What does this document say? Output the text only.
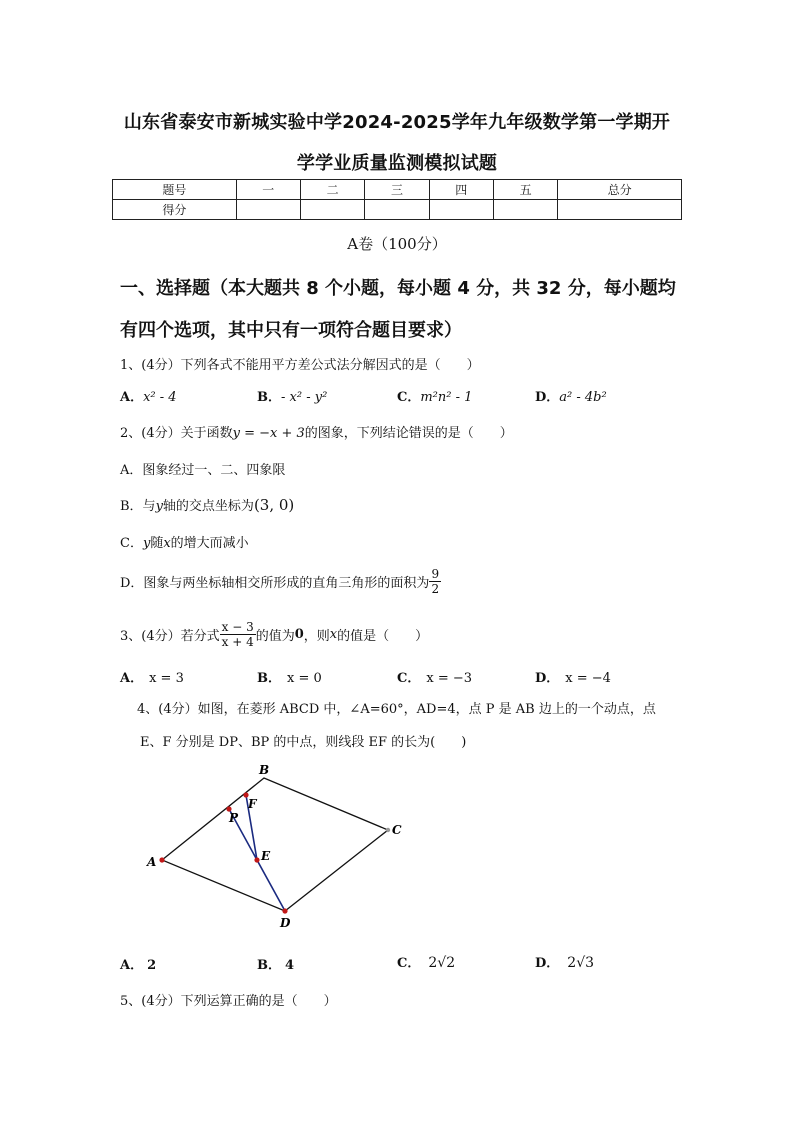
山东省泰安市新城实验中学2024-2025学年九年级数学第一学期开
学学业质量监测模拟试题
题号	一	二	三	四	五	总分
得分						
A卷（100分）
一、选择题（本大题共 8 个小题，每小题 4 分，共 32 分，每小题均
有四个选项，其中只有一项符合题目要求）
1、(4分）下列各式不能用平方差公式法分解因式的是（　　）
A．x² - 4	B．- x² - y²	C．m²n² - 1	D．a² - 4b²
2、(4分）关于函数y = −x + 3的图象，下列结论错误的是（　　）
A．图象经过一、二、四象限
B．与y轴的交点坐标为(3, 0)
C．y随x的增大而减小
D．图象与两坐标轴相交所形成的直角三角形的面积为 $\frac{9}{2}$
3、(4分）若分式 $\frac{x - 3}{x + 4}$ 的值为0，则x的值是（　　）
A． x = 3	B． x = 0	C． x = −3	D． x = −4
4、(4分）如图，在菱形 ABCD 中，∠A=60°，AD=4，点 P 是 AB 边上的一个动点，点
E、F 分别是 DP、BP 的中点，则线段 EF 的长为(　　)
A
B
C
D
P
E
F
A． 2	B． 4	C． 2√2	D． 2√3
5、(4分）下列运算正确的是（　　）
